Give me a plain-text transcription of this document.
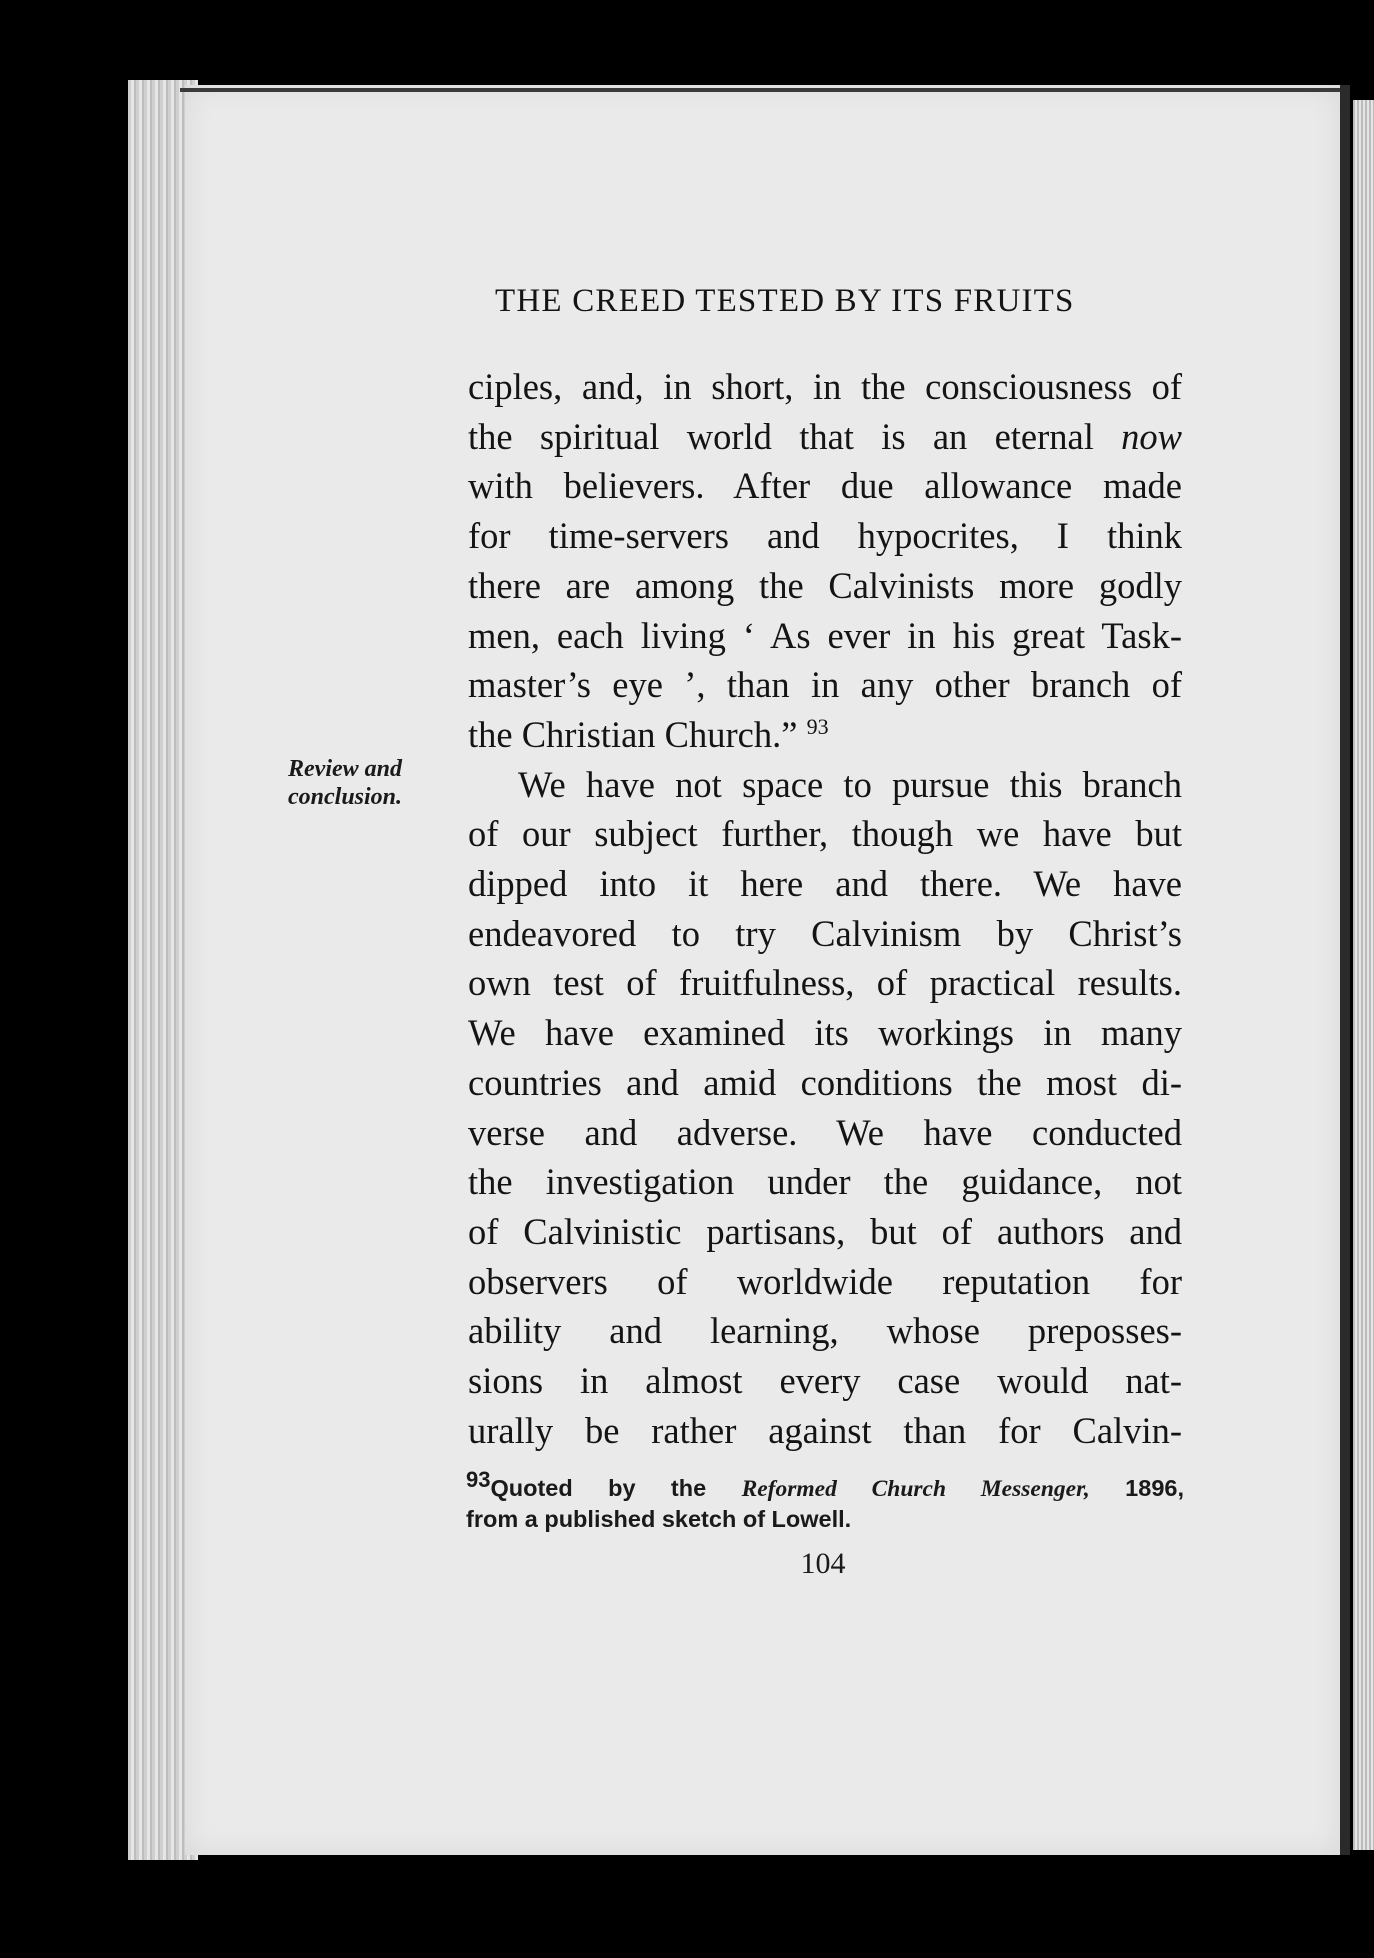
THE CREED TESTED BY ITS FRUITS
Review and
conclusion.
ciples, and, in short, in the consciousness of
the spiritual world that is an eternal now
with believers. After due allowance made
for time-servers and hypocrites, I think
there are among the Calvinists more godly
men, each living ‘ As ever in his great Task-
master’s eye ’, than in any other branch of
the Christian Church.” $^{93}$
We have not space to pursue this branch
of our subject further, though we have but
dipped into it here and there. We have
endeavored to try Calvinism by Christ’s
own test of fruitfulness, of practical results.
We have examined its workings in many
countries and amid conditions the most di-
verse and adverse. We have conducted
the investigation under the guidance, not
of Calvinistic partisans, but of authors and
observers of worldwide reputation for
ability and learning, whose preposses-
sions in almost every case would nat-
urally be rather against than for Calvin-
93Quoted by the Reformed Church Messenger, 1896,
from a published sketch of Lowell.
104
